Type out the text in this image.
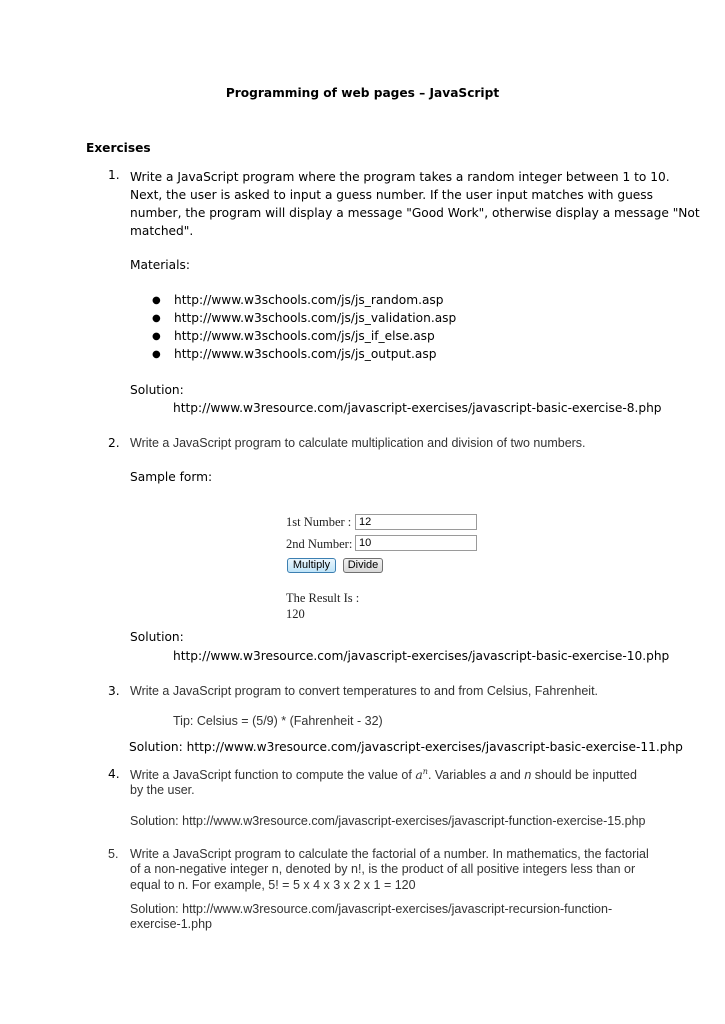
Programming of web pages – JavaScript
Exercises
1. Write a JavaScript program where the program takes a random integer between 1 to 10.
Next, the user is asked to input a guess number. If the user input matches with guess
number, the program will display a message "Good Work", otherwise display a message "Not
matched".
Materials:
● http://www.w3schools.com/js/js_random.asp
● http://www.w3schools.com/js/js_validation.asp
● http://www.w3schools.com/js/js_if_else.asp
● http://www.w3schools.com/js/js_output.asp
Solution:
http://www.w3resource.com/javascript-exercises/javascript-basic-exercise-8.php
2. Write a JavaScript program to calculate multiplication and division of two numbers.
Sample form:
1st Number : 12
2nd Number: 10
Multiply	Divide
The Result Is :
120
Solution:
http://www.w3resource.com/javascript-exercises/javascript-basic-exercise-10.php
3. Write a JavaScript program to convert temperatures to and from Celsius, Fahrenheit.
Tip: Celsius = (5/9) * (Fahrenheit - 32)
Solution: http://www.w3resource.com/javascript-exercises/javascript-basic-exercise-11.php
4. Write a JavaScript function to compute the value of $a^n$. Variables a and n should be inputted
by the user.
Solution: http://www.w3resource.com/javascript-exercises/javascript-function-exercise-15.php
5. Write a JavaScript program to calculate the factorial of a number. In mathematics, the factorial
of a non-negative integer n, denoted by n!, is the product of all positive integers less than or
equal to n. For example, 5! = 5 x 4 x 3 x 2 x 1 = 120
Solution: http://www.w3resource.com/javascript-exercises/javascript-recursion-function-
exercise-1.php
